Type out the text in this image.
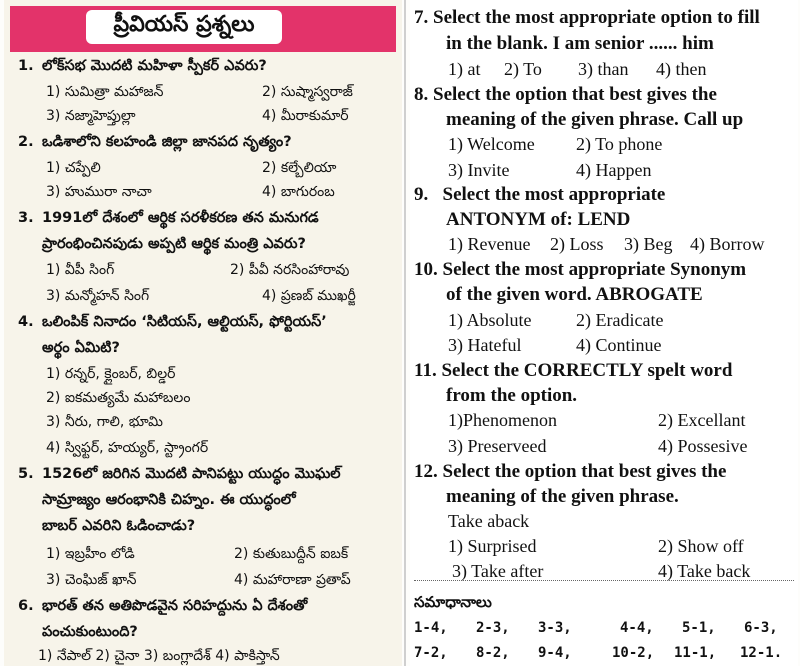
ప్రీవియస్ ప్రశ్నలు
1. లోక్‌సభ మొదటి మహిళా స్పీకర్ ఎవరు?
1) సుమిత్రా మహాజన్	2) సుష్మాస్వరాజ్
3) నజ్మాహెప్తుల్లా	4) మీరాకుమార్
2. ఒడిశాలోని కలహండి జిల్లా జానపద నృత్యం?
1) చప్పేలి	2) కల్బేలియా
3) హుమురా నాచా	4) బాగురంబ
3. 1991లో దేశంలో ఆర్థిక సరళీకరణ తన మనుగడ
ప్రారంభించినపుడు అప్పటి ఆర్థిక మంత్రి ఎవరు?
1) వీపీ సింగ్	2) పీవీ నరసింహారావు
3) మన్మోహన్ సింగ్	4) ప్రణబ్ ముఖర్జీ
4. ఒలింపిక్ నినాదం ‘సిటియస్, ఆల్టియస్, ఫోర్టియస్’
అర్థం ఏమిటి?
1) రన్నర్, క్లైంబర్, బిల్డర్
2) ఐకమత్యమే మహాబలం
3) నీరు, గాలి, భూమి
4) స్విఫ్టర్, హయ్యర్, స్ట్రాంగర్
5. 1526లో జరిగిన మొదటి పానిపట్టు యుద్ధం మొఘల్
సామ్రాజ్యం ఆరంభానికి చిహ్నం. ఈ యుద్ధంలో
బాబర్ ఎవరిని ఓడించాడు?
1) ఇబ్రహీం లోడి	2) కుతుబుద్దీన్ ఐబక్
3) చెంఘిజ్ ఖాన్	4) మహారాణా ప్రతాప్
6. భారత్ తన అతిపొడవైన సరిహద్దును ఏ దేశంతో
పంచుకుంటుంది?
1) నేపాల్ 2) చైనా 3) బంగ్లాదేశ్ 4) పాకిస్తాన్
7. Select the most appropriate option to fill
in the blank. I am senior ...... him
1) at 2) To 3) than 4) then
8. Select the option that best gives the
meaning of the given phrase. Call up
1) Welcome 2) To phone
3) Invite	4) Happen
9. Select the most appropriate
ANTONYM of: LEND
1) Revenue 2) Loss 3) Beg 4) Borrow
10. Select the most appropriate Synonym
of the given word. ABROGATE
1) Absolute 2) Eradicate
3) Hateful	4) Continue
11. Select the CORRECTLY spelt word
from the option.
1)Phenomenon	2) Excellant
3) Preserveed	4) Possesive
12. Select the option that best gives the
meaning of the given phrase.
Take aback
1) Surprised	2) Show off
3) Take after	4) Take back
సమాధానాలు
1-4, 2-3, 3-3,	4-4, 5-1, 6-3,
7-2, 8-2, 9-4,	10-2, 11-1, 12-1.
